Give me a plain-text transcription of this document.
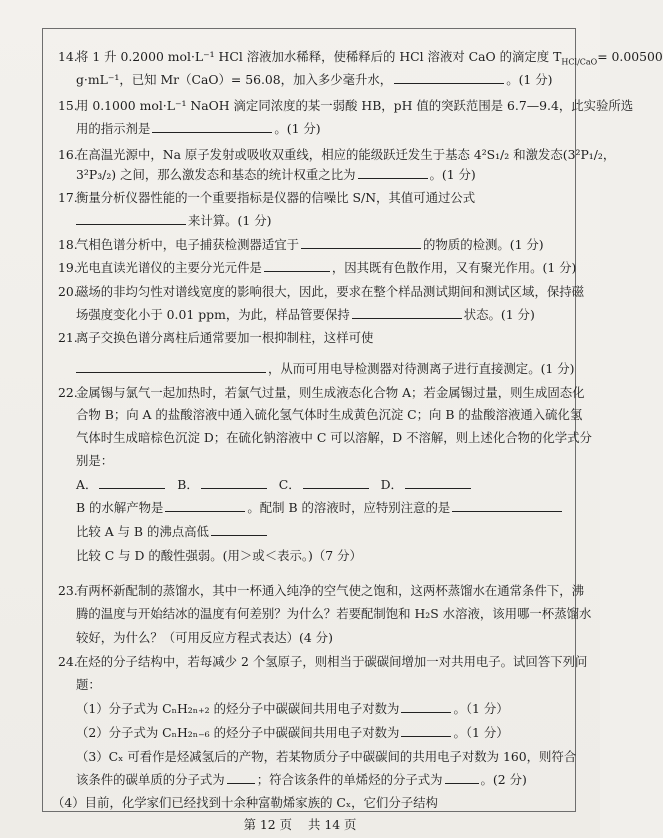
14.将 1 升 0.2000 mol·L⁻¹ HCl 溶液加水稀释，使稀释后的 HCl 溶液对 CaO 的滴定度 $T_{HCl/CaO}= 0.00500$
g·mL⁻¹，已知 Mr（CaO）= 56.08，加入多少毫升水，	。(1 分)
15.用 0.1000 mol·L⁻¹ NaOH 滴定同浓度的某一弱酸 HB，pH 值的突跃范围是 6.7—9.4，此实验所选
用的指示剂是	。(1 分)
16.在高温光源中，Na 原子发射或吸收双重线，相应的能级跃迁发生于基态 4²S₁/₂ 和激发态(3²P₁/₂，
3²P₃/₂) 之间，那么激发态和基态的统计权重之比为	。(1 分)
17.衡量分析仪器性能的一个重要指标是仪器的信噪比 S/N，其值可通过公式
来计算。(1 分)
18.气相色谱分析中，电子捕获检测器适宜于	的物质的检测。(1 分)
19.光电直读光谱仪的主要分光元件是	，因其既有色散作用，又有聚光作用。(1 分)
20.磁场的非均匀性对谱线宽度的影响很大，因此，要求在整个样品测试期间和测试区域，保持磁
场强度变化小于 0.01 ppm，为此，样品管要保持	状态。(1 分)
21.离子交换色谱分离柱后通常要加一根抑制柱，这样可使
，从而可用电导检测器对待测离子进行直接测定。(1 分)
22.金属锡与氯气一起加热时，若氯气过量，则生成液态化合物 A；若金属锡过量，则生成固态化
合物 B；向 A 的盐酸溶液中通入硫化氢气体时生成黄色沉淀 C；向 B 的盐酸溶液通入硫化氢
气体时生成暗棕色沉淀 D；在硫化钠溶液中 C 可以溶解，D 不溶解，则上述化合物的化学式分
别是：
A．	B．	C．	D．
B 的水解产物是	。配制 B 的溶液时，应特别注意的是
比较 A 与 B 的沸点高低
比较 C 与 D 的酸性强弱。(用＞或＜表示。)（7 分）
23.有两杯新配制的蒸馏水，其中一杯通入纯净的空气使之饱和，这两杯蒸馏水在通常条件下，沸
腾的温度与开始结冰的温度有何差别？为什么？若要配制饱和 H₂S 水溶液，该用哪一杯蒸馏水
较好，为什么？（可用反应方程式表达）(4 分)
24.在烃的分子结构中，若每减少 2 个氢原子，则相当于碳碳间增加一对共用电子。试回答下列问
题：
（1）分子式为 CₙH₂ₙ₊₂ 的烃分子中碳碳间共用电子对数为	。（1 分）
（2）分子式为 CₙH₂ₙ₋₆ 的烃分子中碳碳间共用电子对数为	。（1 分）
（3）Cₓ 可看作是烃减氢后的产物，若某物质分子中碳碳间的共用电子对数为 160，则符合
该条件的碳单质的分子式为	；符合该条件的单烯烃的分子式为	。(2 分)
（4）目前，化学家们已经找到十余种富勒烯家族的 Cₓ，它们分子结构
第 12 页 共 14 页
